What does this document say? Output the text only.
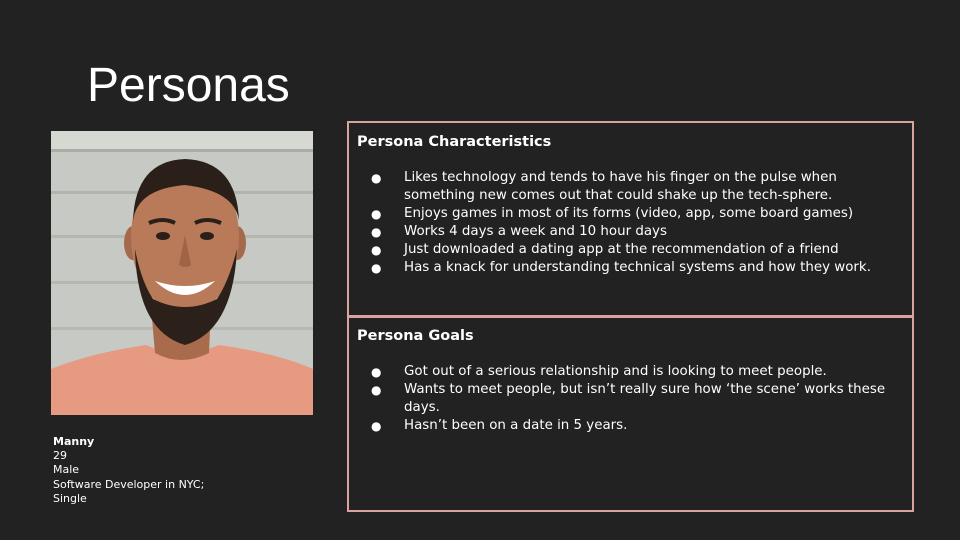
Personas
Manny
29
Male
Software Developer in NYC;
Single
Persona Characteristics
● Likes technology and tends to have his finger on the pulse when something new comes out that could shake up the tech-sphere.
● Enjoys games in most of its forms (video, app, some board games)
● Works 4 days a week and 10 hour days
● Just downloaded a dating app at the recommendation of a friend
● Has a knack for understanding technical systems and how they work.
Persona Goals
● Got out of a serious relationship and is looking to meet people.
● Wants to meet people, but isn’t really sure how ‘the scene’ works these days.
● Hasn’t been on a date in 5 years.
